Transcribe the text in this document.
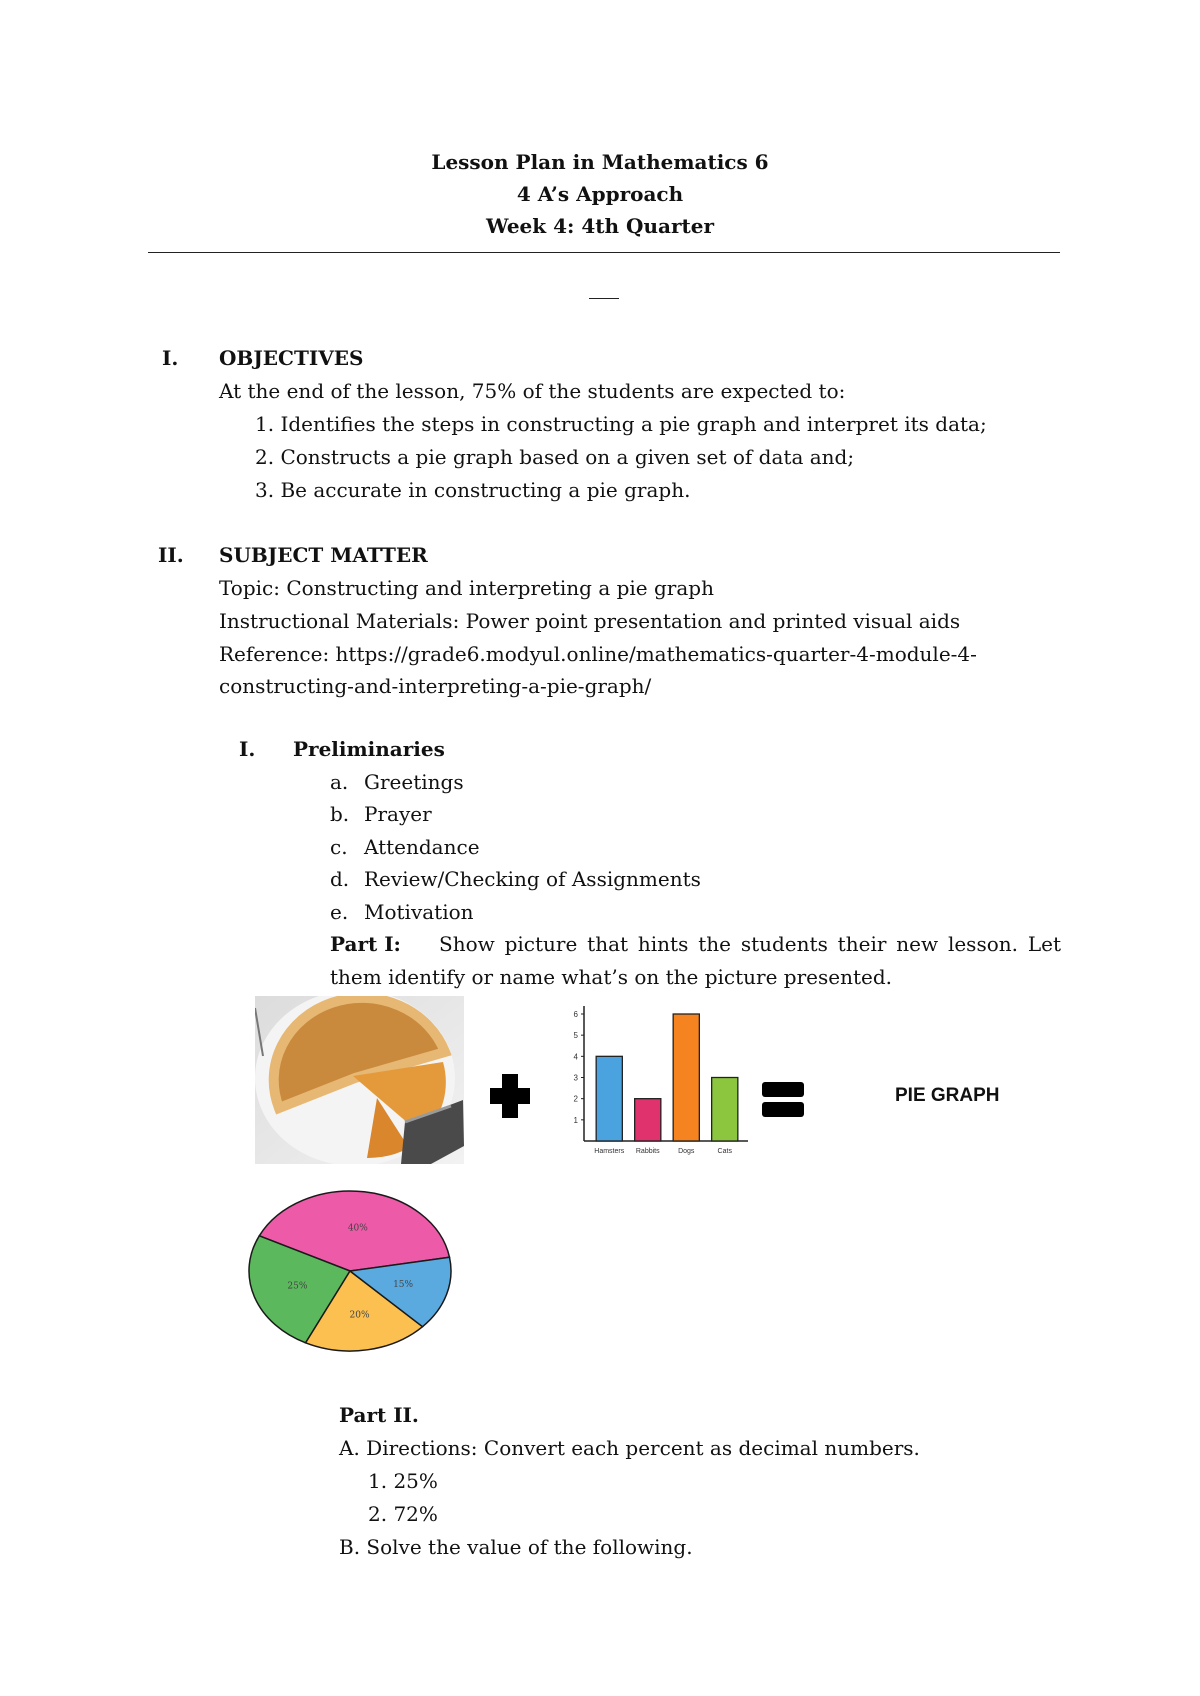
Lesson Plan in Mathematics 6
4 A’s Approach
Week 4: 4th Quarter
I. OBJECTIVES
At the end of the lesson, 75% of the students are expected to:
1. Identifies the steps in constructing a pie graph and interpret its data;
2. Constructs a pie graph based on a given set of data and;
3. Be accurate in constructing a pie graph.
II. SUBJECT MATTER
Topic: Constructing and interpreting a pie graph
Instructional Materials: Power point presentation and printed visual aids
Reference: https://grade6.modyul.online/mathematics-quarter-4-module-4-
constructing-and-interpreting-a-pie-graph/
I. Preliminaries
a. Greetings
b. Prayer
c. Attendance
d. Review/Checking of Assignments
e. Motivation
Part I: Show picture that hints the students their new lesson. Let
them identify or name what’s on the picture presented.
1
2
3
4
5
6
Hamsters Rabbits	Dogs	Cats
PIE GRAPH
40%
25%
20%
15%
Part II.
A. Directions: Convert each percent as decimal numbers.
1. 25%
2. 72%
B. Solve the value of the following.
